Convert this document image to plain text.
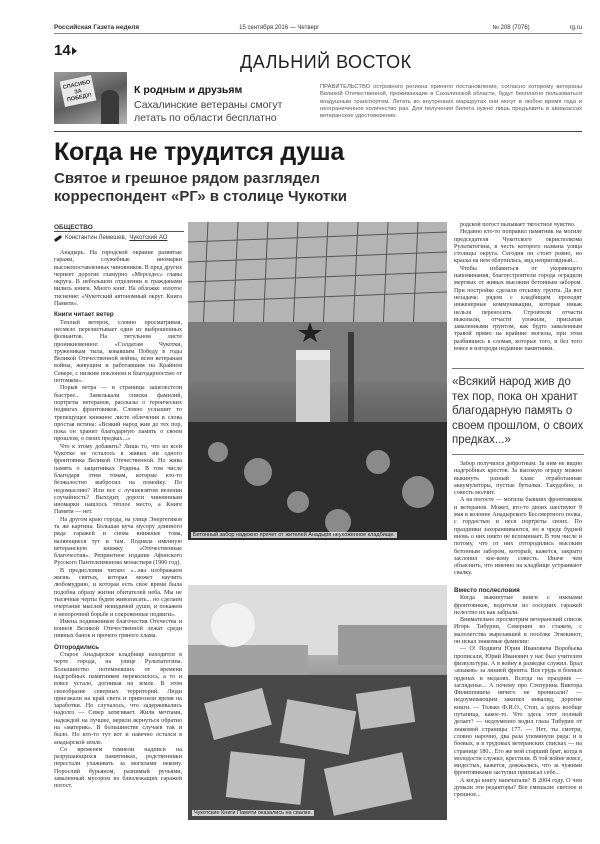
Российская Газета неделя	15 сентября 2016 — Четверг	№ 208 (7076)	rg.ru
14
ДАЛЬНИЙ ВОСТОК
СПАСИБО ЗА ПОБЕДУ!
К родным и друзьям
Сахалинские ветераны смогут летать по области бесплатно
ПРАВИТЕЛЬСТВО островного региона приняло постановление, согласно которому ветераны Великой Отечественной, проживающие в Сахалинской области, будут бесплатно пользоваться воздушным транспортом. Летать во внутренних маршрутах они могут в любое время года и неограниченное количество раз. Для получения билета нужно лишь предъявить в авиакассах ветеранское удостоверение.
Когда не трудится душа
Святое и грешное рядом разглядел корреспондент «РГ» в столице Чукотки
ОБЩЕСТВО
Константин Лемешев, Чукотский АО

Анадырь. На городской окраине развитые гаражи, служебные иномарки высокопоставленных чиновников. В пред других чернеет дорогие гламурно «Мерседес» главы округа. В небольшом отделении в гражданами вились книги. Много книг. На обложке золотое тиснение: «Чукотский автономный округ. Книга Памяти».

Книги читает ветер

Теплый ветерок, словно просматривая, несмело перелистывает один из выброшенных фолиантов. На титульном листе проникновенное: «Солдатам Чукотки, труженикам тыла, ковавшим Победу в годы Великой Отечественной войны, всем ветеранам войны, живущим и работавшим на Крайнем Севере, с низким поклоном и благодарностью от потомков».

Порыв ветра — и страницы зашелестели быстрее... Замелькали списки фамилий, портреты ветеранов, рассказы о героических подвигах фронтовиков. Словно услышит то трепещущее книжное листе облечения в слова простая истина: «Всякий народ жив до тех пор, пока он хранит благодарную память о своем прошлом, о своих предках...»

Что к этому добавить? Лишь то, что из всей Чукотке не осталось в живых ни одного фронтовика Великой Отечественной. Но жива память о защитниках Родины. В том числе благодаря этим томам, которые кто-то безжалостно выбросил на помойку. По недомыслию? Или все с лучшевзятом велении случайность? Выходит, дороги чиновникам иномарки нашлось теплое место, а Книге Памяти — нет.

На другом краю города, на улице Энергетиков та же картина. Большая куча мусору длинного ряда гаражей и снова книжные тома, валяющиеся тут и там. Подняла именную ветеранскую книжку «Отечественные благочестия». Репринтное издание Афонского Русского Пантелеимонова монастыря (1906 год).

В предисловии читаю: «...мы изображаем жизнь святых, которая может научить любомудрию, и которая есть свое время была подобна образу жизни обитателей неба. Мы не тысячные черты будем живописать... но сделаем очертание мыслей невидимой души, и покажем в непорочной борьбе и сокровенные подвиги».

Имена подвижников благочестия Отечества и воинов Великой Отечественной лежат среди пивных банок и прочего гряного хлама.

Отгородились

Старое Анадырское кладбище находится в черте города, на улице Рультытегина. Большинство потемневших от времени надгробных памятников перекосилось, а то и вовсе устало, догнивая на земле. В этом своеобразие северных территорий. Люди приезжали на край света и привозили время на заработки. Но случалось, что задерживались надолго — Север затягивает. Жили мечтами, надеждой на лучшее, верили вернуться обратно на «материк». В большинстве случаев так и было. Но кто-то тут вот и навечно остался в анадырской земле.

Со временем темнели надписи на разрушающихся памятниках, родственники перестали ухаживать за могилами некому. Порослий бурьяном, разнимый ручьями, заваленный мусором из близлежащих гаражей погост.

родской погост вызывает тягостное чувство.

Недавно кто-то поправил памятник на могиле председателя Чукотского окрисполкома Рультытегина, в честь которого названа улица столицы округа. Сегодня он стоит ровно, но краска на нем облупилась, вид неприглядный...

Чтобы избавиться от укоряющего напоминания, благоустроители города оградили мертвых от живых высоким бетонным забором. При постройке сделали отсыпку грунта. Да вот незадача: рядом с кладбищем проходят инженерные коммуникации, которые никак нельзя переносить. Строители отчасти выкопали, отчасти уложили, присыпав заваленными грунтом, как будто заваленным травой прямо на крайние могилы, при этом разбившись к сломав, которые того, и без того вовсе в изгороди недавние памятники.

«Всякий народ жив до тех пор, пока он хранит благодарную память о своем прошлом, о своих предках...»

Забор получился добротным. За ним не видно надгробных крестов. За высокую ограду можно выкинуть разный хлам: отработанные аккумуляторы, пустые бутылки. Такудобно, и совесть молчит.

А на погосте — могилы бывших фронтовиков и ветеранов. Может, кто-то двоих шествуют 9 мая в колонне Анадырского Бессмертного полка, с гордостью и неся портреты своих. По праздники захоранвиваются, но в чреде будней вновь о них никто не вспоминает. В том числе и потому, что от них отгородились высоким бетонным забором, который, кажется, закрыто заслонил кое-кому совесть. Иначе чем объяснить, что именно на кладбище устраивают свалку.

Вместо послесловия

Когда выкинутые книги с именами фронтовиков, водители из соседних гаражей нелестно их как забрали.

Внимательно просмотрим ветеранский список Игорь Тибурин, Севернин из стажем, с малолетства вырезавшей в посёлке Эгвекинот, он искал знакомые фамилии:

— О! Подвиги Юрия Ивановича Воробьева прописали, Юрий Иванович у нас был учителем физкультуры. А в войну в разведке служил. Брал «языков» за линией фронта. Вся грудь в боевых орденах и медалях. Всегда на праздник — загляденье... А почему про Степурина Виктора Филипповича ничего не прописали? — недоумевающим закипел инвалид, дорогие книги. — Только Ф.И.О., Стоп, а здесь вообще путаница, какое-то. Что здесь этот полный делает? — недоуменно водил глаза Тибурин от знакомой страницы 177. — Нет, ты смотри, словно нарочно, два раза упомянули ряда: и в боевых, и в трудовых ветеранских списках — на странице 180... Его же мой старший брат, когда в молодости служил, крестили. В той войне вовсе, мидестых, кажется, дожжались, что за чужими фронтовиками заступил приписал себе...

А когда книгу напечатали? В 2004 году. О чем думали эти редакторы? Все смешали: светлое и грешное...

Бетонный забор надежно прячет от жителей Анадыря неухоженное кладбище.
Чукотские Книги Памяти оказались на свалке.
